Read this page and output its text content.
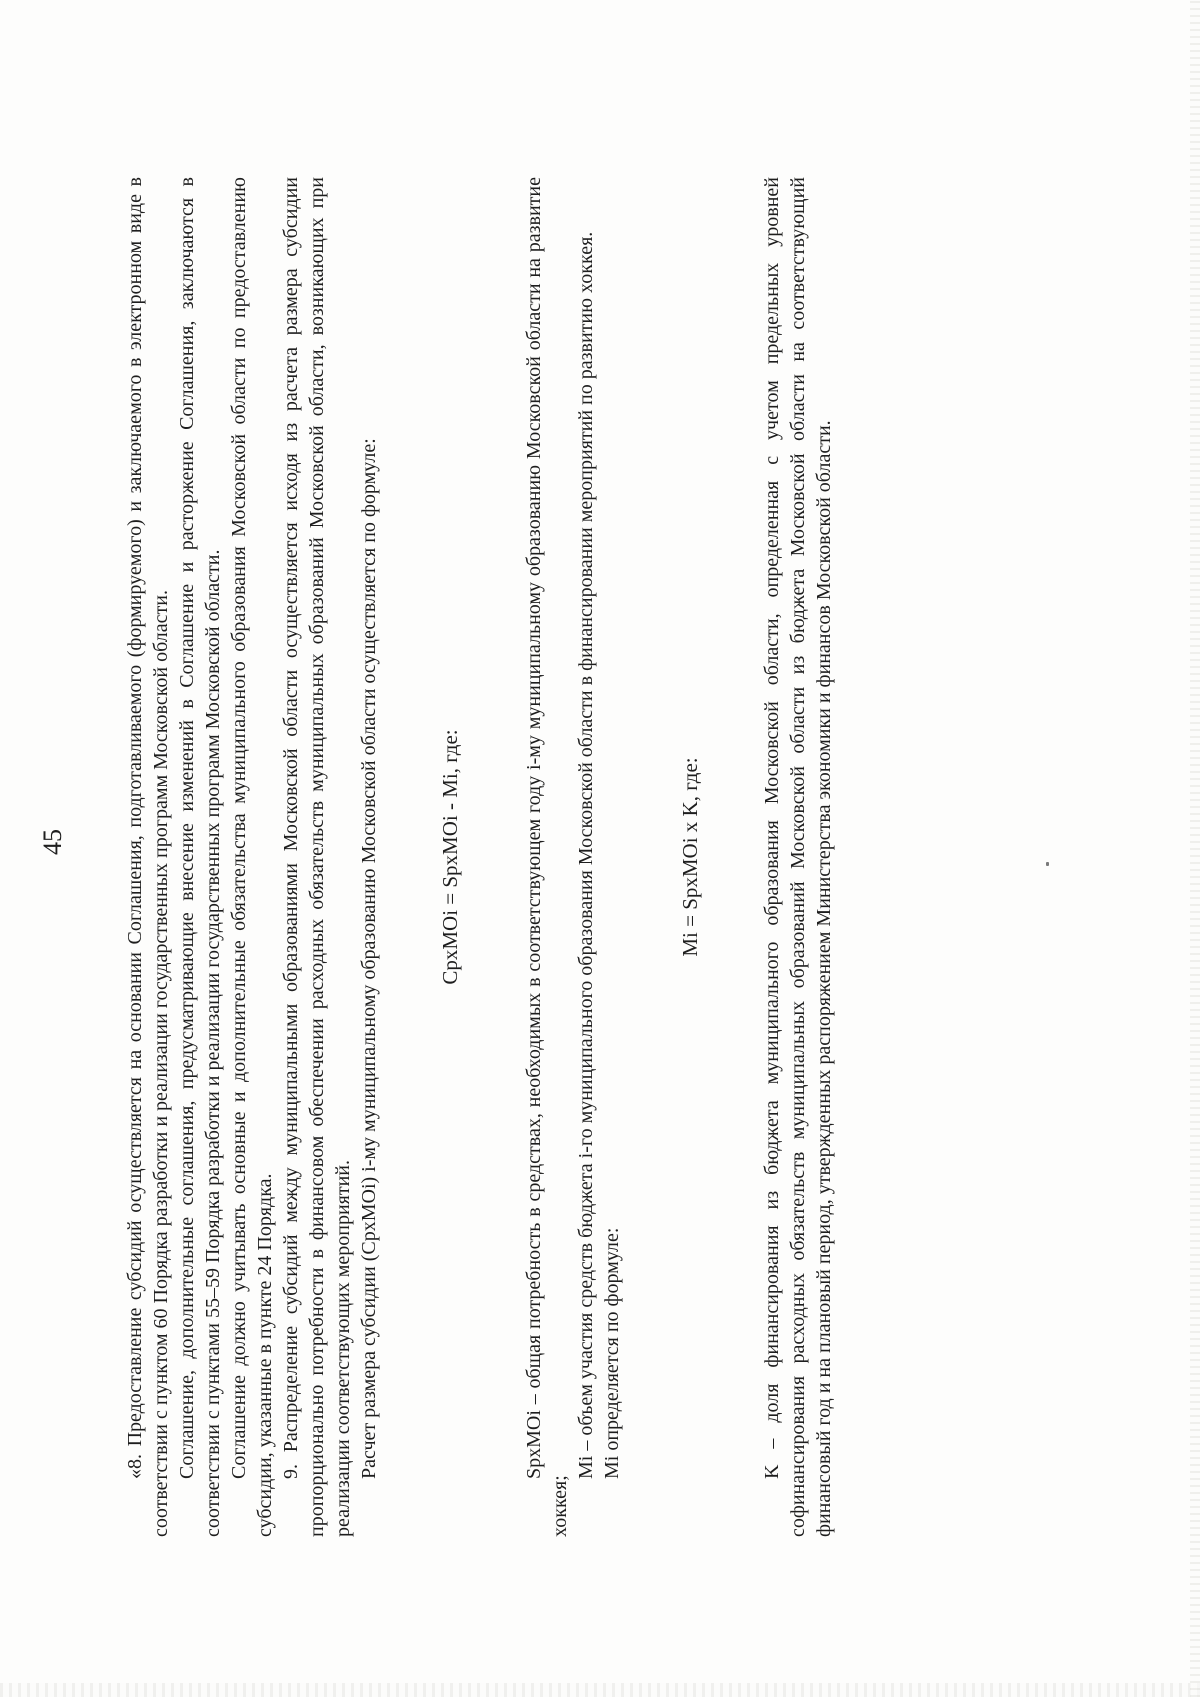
45	«8. Предоставление субсидий осуществляется на основании Соглашения, подготавливаемого (формируемого) и заключаемого в электронном виде в соответствии с пунктом 60 Порядка разработки и реализации государственных программ Московской области. Соглашение, дополнительные соглашения, предусматривающие внесение изменений в Соглашение и расторжение Соглашения, заключаются в соответствии с пунктами 55–59 Порядка разработки и реализации государственных программ Московской области. Соглашение должно учитывать основные и дополнительные обязательства муниципального образования Московской области по предоставлению субсидии, указанные в пункте 24 Порядка. 9. Распределение субсидий между муниципальными образованиями Московской области осуществляется исходя из расчета размера субсидии пропорционально потребности в финансовом обеспечении расходных обязательств муниципальных образований Московской области, возникающих при реализации соответствующих мероприятий. Расчет размера субсидии (CpxMOi) i-му муниципальному образованию Московской области осуществляется по формуле:	CpxMOi = SpxMOi - Mi, где:	SpxMOi – общая потребность в средствах, необходимых в соответствующем году i-му муниципальному образованию Московской области на развитие хоккея;

Mi – объем участия средств бюджета i-го муниципального образования Московской области в финансировании мероприятий по развитию хоккея. Mi определяется по формуле:

Mi = SpxMOi x K, где:	K – доля финансирования из бюджета муниципального образования Московской области, определенная с учетом предельных уровней софинансирования расходных обязательств муниципальных образований Московской области из бюджета Московской области на соответствующий финансовый год и на плановый период, утвержденных распоряжением Министерства экономики и финансов Московской области.
